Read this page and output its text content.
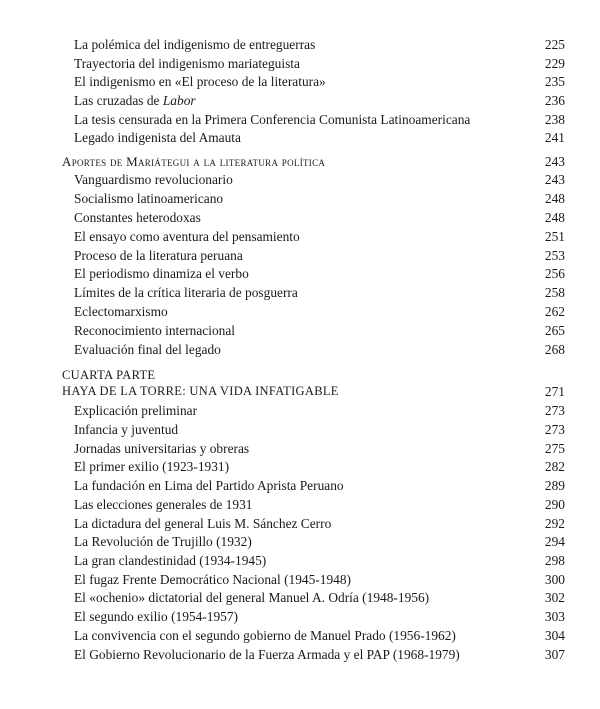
La polémica del indigenismo de entreguerras	225
Trayectoria del indigenismo mariateguista	229
El indigenismo en «El proceso de la literatura»	235
Las cruzadas de Labor	236
La tesis censurada en la Primera Conferencia Comunista Latinoamericana	238
Legado indigenista del Amauta	241
Aportes de Mariátegui a la literatura política	243
Vanguardismo revolucionario	243
Socialismo latinoamericano	248
Constantes heterodoxas	248
El ensayo como aventura del pensamiento	251
Proceso de la literatura peruana	253
El periodismo dinamiza el verbo	256
Límites de la crítica literaria de posguerra	258
Eclectomarxismo	262
Reconocimiento internacional	265
Evaluación final del legado	268
CUARTA PARTE
HAYA DE LA TORRE: UNA VIDA INFATIGABLE	271
Explicación preliminar	273
Infancia y juventud	273
Jornadas universitarias y obreras	275
El primer exilio (1923-1931)	282
La fundación en Lima del Partido Aprista Peruano	289
Las elecciones generales de 1931	290
La dictadura del general Luis M. Sánchez Cerro	292
La Revolución de Trujillo (1932)	294
La gran clandestinidad (1934-1945)	298
El fugaz Frente Democrático Nacional (1945-1948)	300
El «ochenio» dictatorial del general Manuel A. Odría (1948-1956)	302
El segundo exilio (1954-1957)	303
La convivencia con el segundo gobierno de Manuel Prado (1956-1962)	304
El Gobierno Revolucionario de la Fuerza Armada y el PAP (1968-1979)	307
